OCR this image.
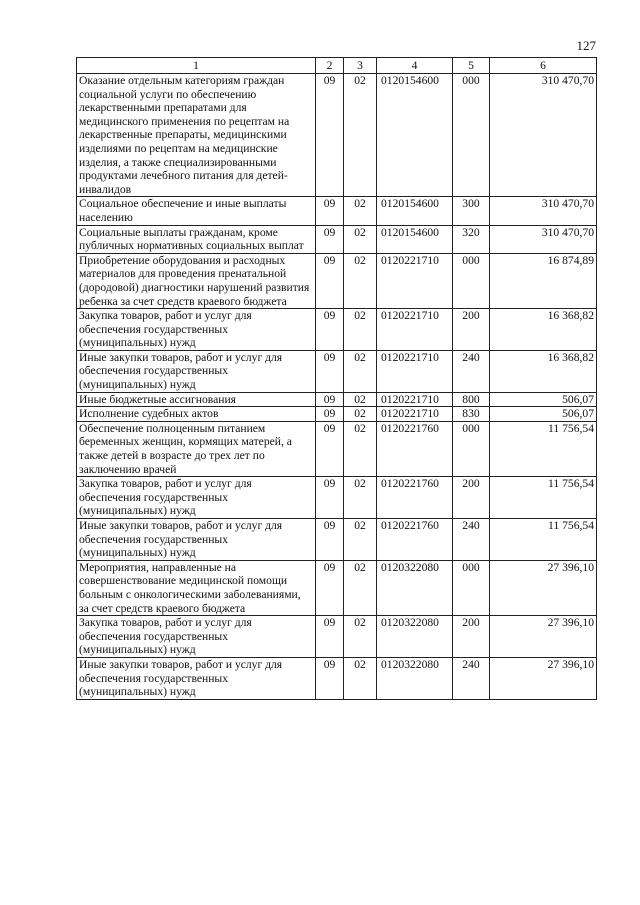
127
1	2	3	4	5	6
Оказание отдельным категориям граждан социальной услуги по обеспечению лекарственными препаратами для медицинского применения по рецептам на лекарственные препараты, медицинскими изделиями по рецептам на медицинские изделия, а также специализированными продуктами лечебного питания для детей-инвалидов	09	02	0120154600	000	310 470,70
Социальное обеспечение и иные выплаты населению	09	02	0120154600	300	310 470,70
Социальные выплаты гражданам, кроме публичных нормативных социальных выплат	09	02	0120154600	320	310 470,70
Приобретение оборудования и расходных материалов для проведения пренатальной (дородовой) диагностики нарушений развития ребенка за счет средств краевого бюджета	09	02	0120221710	000	16 874,89
Закупка товаров, работ и услуг для обеспечения государственных (муниципальных) нужд	09	02	0120221710	200	16 368,82
Иные закупки товаров, работ и услуг для обеспечения государственных (муниципальных) нужд	09	02	0120221710	240	16 368,82
Иные бюджетные ассигнования	09	02	0120221710	800	506,07
Исполнение судебных актов	09	02	0120221710	830	506,07
Обеспечение полноценным питанием беременных женщин, кормящих матерей, а также детей в возрасте до трех лет по заключению врачей	09	02	0120221760	000	11 756,54
Закупка товаров, работ и услуг для обеспечения государственных (муниципальных) нужд	09	02	0120221760	200	11 756,54
Иные закупки товаров, работ и услуг для обеспечения государственных (муниципальных) нужд	09	02	0120221760	240	11 756,54
Мероприятия, направленные на совершенствование медицинской помощи больным с онкологическими заболеваниями, за счет средств краевого бюджета	09	02	0120322080	000	27 396,10
Закупка товаров, работ и услуг для обеспечения государственных (муниципальных) нужд	09	02	0120322080	200	27 396,10
Иные закупки товаров, работ и услуг для обеспечения государственных (муниципальных) нужд	09	02	0120322080	240	27 396,10
